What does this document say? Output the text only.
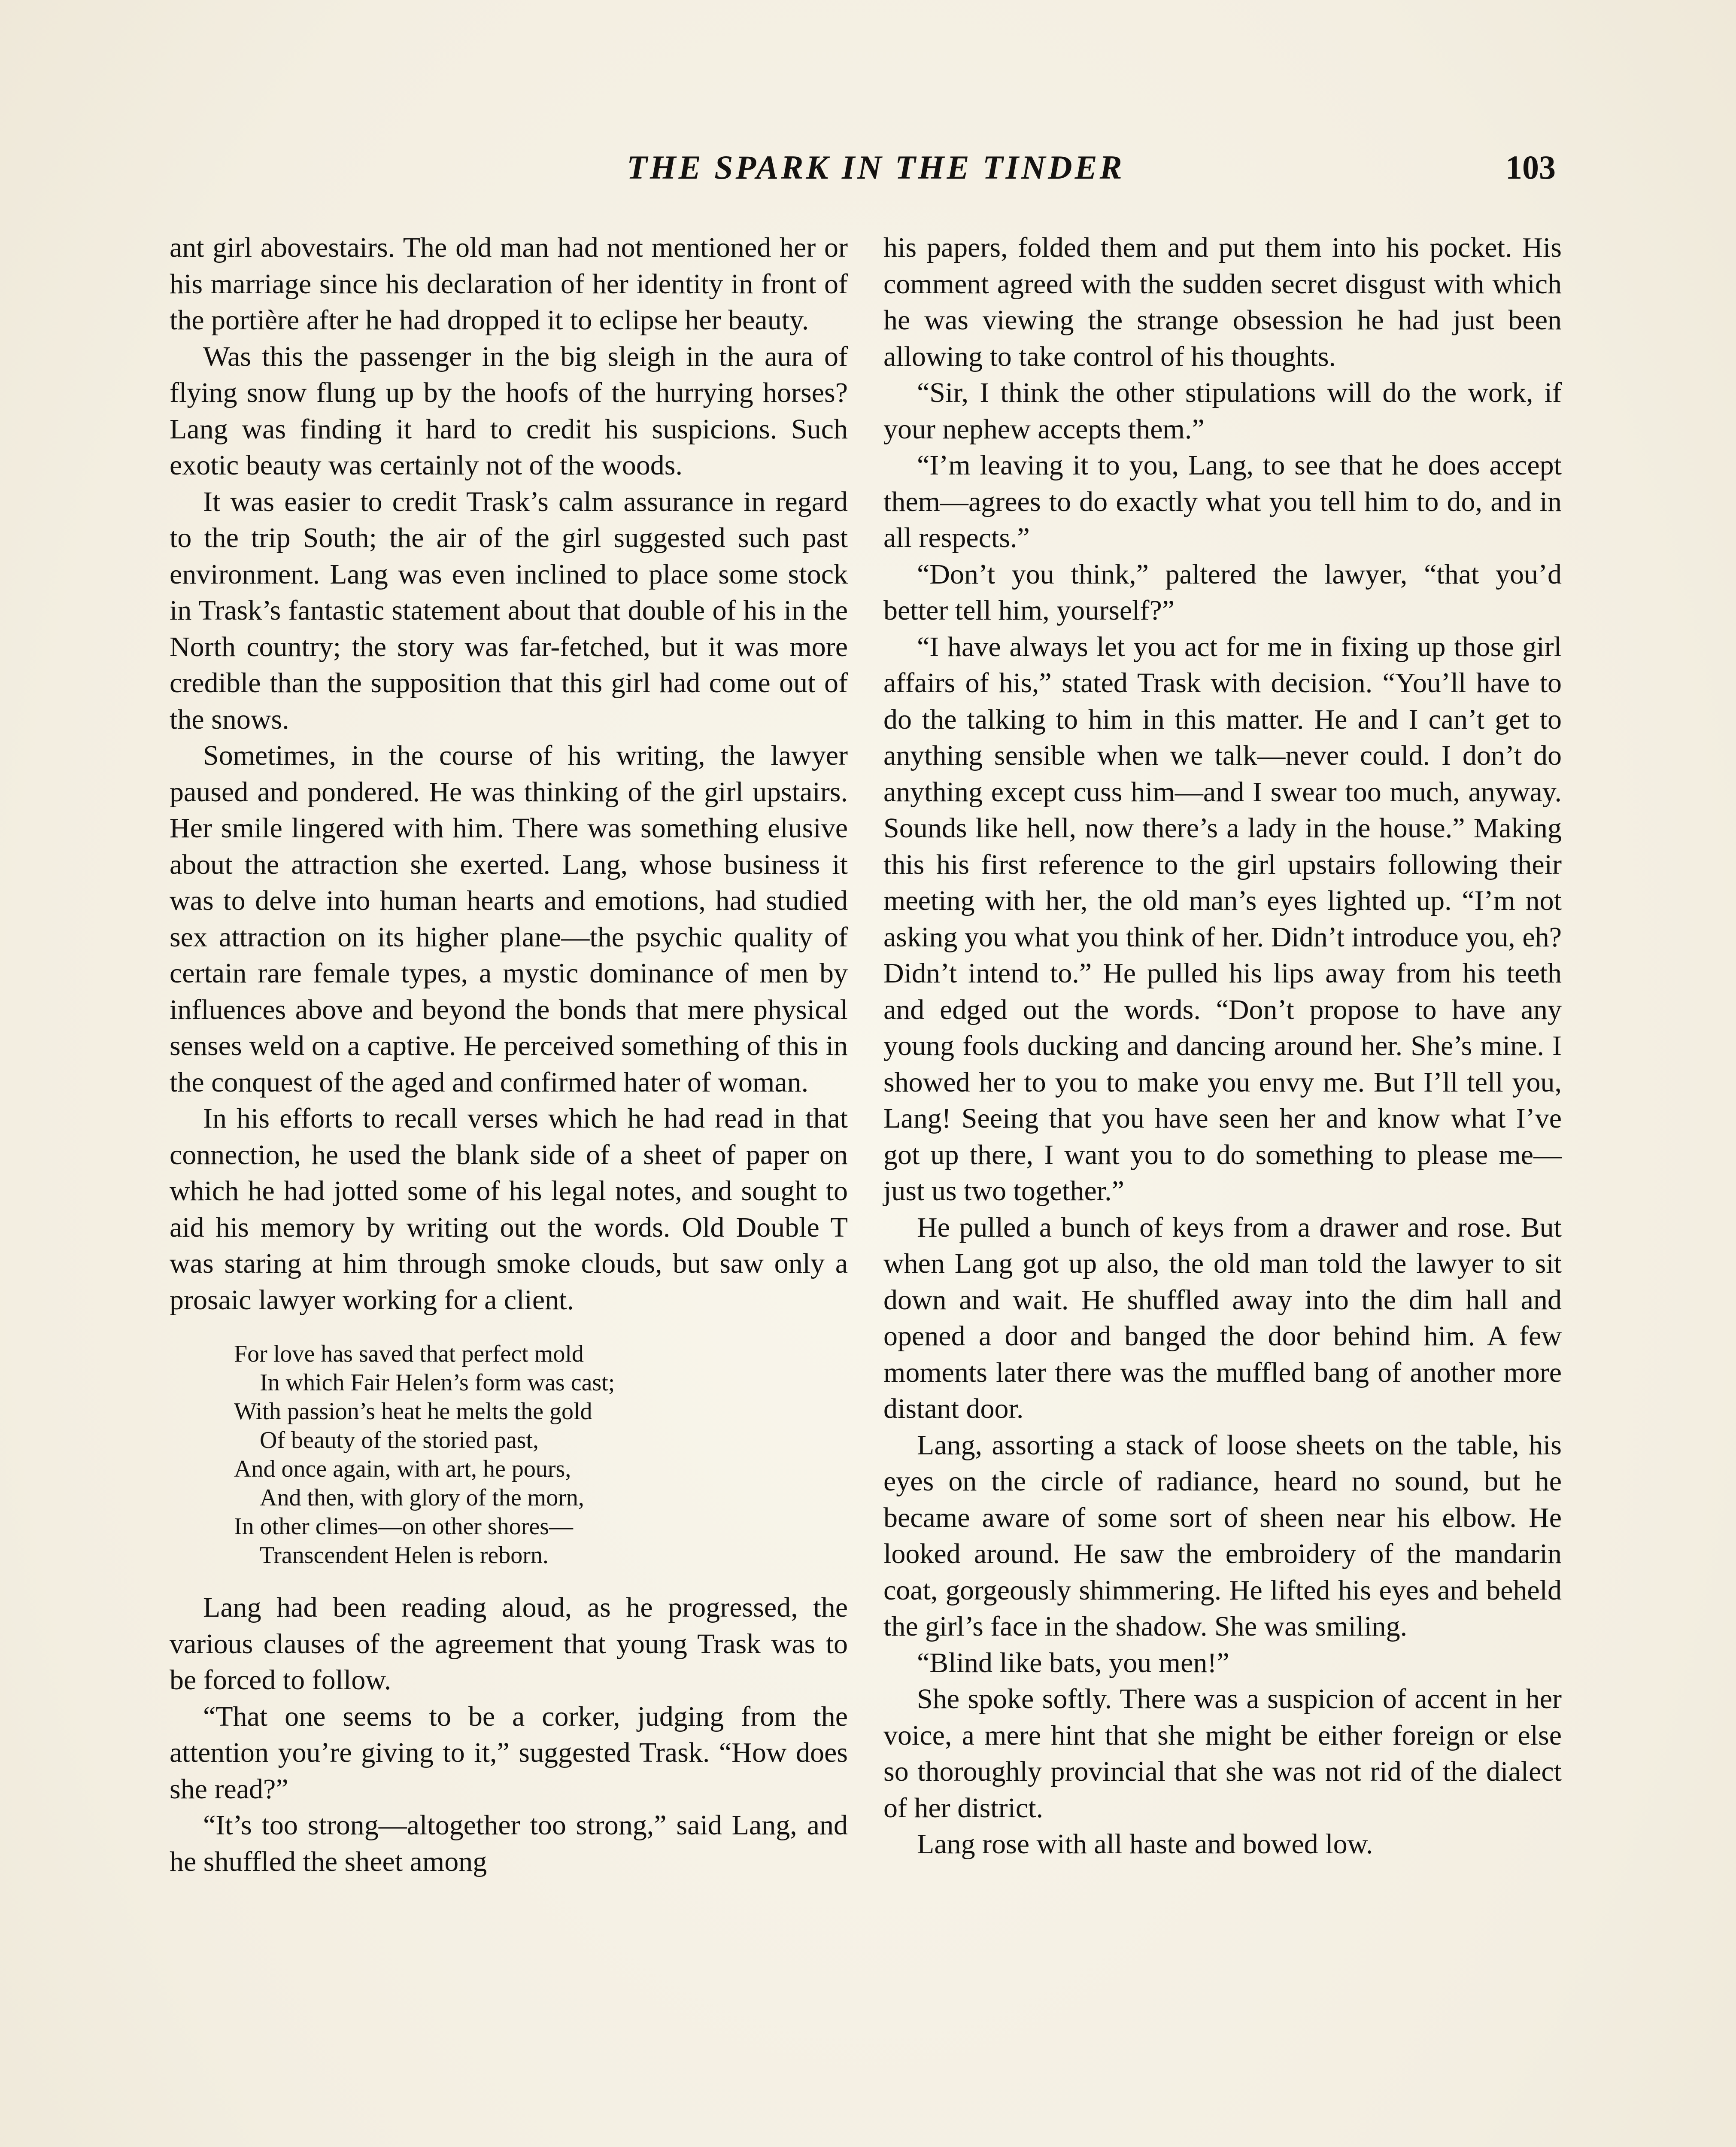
THE SPARK IN THE TINDER	103

ant girl abovestairs. The old man had not mentioned her or his marriage since his declaration of her identity in front of the portière after he had dropped it to eclipse her beauty.

Was this the passenger in the big sleigh in the aura of flying snow flung up by the hoofs of the hurrying horses? Lang was finding it hard to credit his suspicions. Such exotic beauty was certainly not of the woods.

It was easier to credit Trask’s calm assurance in regard to the trip South; the air of the girl suggested such past environment. Lang was even inclined to place some stock in Trask’s fantastic statement about that double of his in the North country; the story was far-fetched, but it was more credible than the supposition that this girl had come out of the snows.

Sometimes, in the course of his writing, the lawyer paused and pondered. He was thinking of the girl upstairs. Her smile lingered with him. There was something elusive about the attraction she exerted. Lang, whose business it was to delve into human hearts and emotions, had studied sex attraction on its higher plane—the psychic quality of certain rare female types, a mystic dominance of men by influences above and beyond the bonds that mere physical senses weld on a captive. He perceived something of this in the conquest of the aged and confirmed hater of woman.

In his efforts to recall verses which he had read in that connection, he used the blank side of a sheet of paper on which he had jotted some of his legal notes, and sought to aid his memory by writing out the words. Old Double T was staring at him through smoke clouds, but saw only a prosaic lawyer working for a client.

For love has saved that perfect mold
In which Fair Helen’s form was cast;
With passion’s heat he melts the gold
Of beauty of the storied past,
And once again, with art, he pours,
And then, with glory of the morn,
In other climes—on other shores—
Transcendent Helen is reborn.

Lang had been reading aloud, as he progressed, the various clauses of the agreement that young Trask was to be forced to follow.

“That one seems to be a corker, judging from the attention you’re giving to it,” suggested Trask. “How does she read?”

“It’s too strong—altogether too strong,” said Lang, and he shuffled the sheet among

his papers, folded them and put them into his pocket. His comment agreed with the sudden secret disgust with which he was viewing the strange obsession he had just been allowing to take control of his thoughts.

“Sir, I think the other stipulations will do the work, if your nephew accepts them.”

“I’m leaving it to you, Lang, to see that he does accept them—agrees to do exactly what you tell him to do, and in all respects.”

“Don’t you think,” paltered the lawyer, “that you’d better tell him, yourself?”

“I have always let you act for me in fixing up those girl affairs of his,” stated Trask with decision. “You’ll have to do the talking to him in this matter. He and I can’t get to anything sensible when we talk—never could. I don’t do anything except cuss him—and I swear too much, anyway. Sounds like hell, now there’s a lady in the house.” Making this his first reference to the girl upstairs following their meeting with her, the old man’s eyes lighted up. “I’m not asking you what you think of her. Didn’t introduce you, eh? Didn’t intend to.” He pulled his lips away from his teeth and edged out the words. “Don’t propose to have any young fools ducking and dancing around her. She’s mine. I showed her to you to make you envy me. But I’ll tell you, Lang! Seeing that you have seen her and know what I’ve got up there, I want you to do something to please me—just us two together.”

He pulled a bunch of keys from a drawer and rose. But when Lang got up also, the old man told the lawyer to sit down and wait. He shuffled away into the dim hall and opened a door and banged the door behind him. A few moments later there was the muffled bang of another more distant door.

Lang, assorting a stack of loose sheets on the table, his eyes on the circle of radiance, heard no sound, but he became aware of some sort of sheen near his elbow. He looked around. He saw the embroidery of the mandarin coat, gorgeously shimmering. He lifted his eyes and beheld the girl’s face in the shadow. She was smiling.

“Blind like bats, you men!”

She spoke softly. There was a suspicion of accent in her voice, a mere hint that she might be either foreign or else so thoroughly provincial that she was not rid of the dialect of her district.

Lang rose with all haste and bowed low.
